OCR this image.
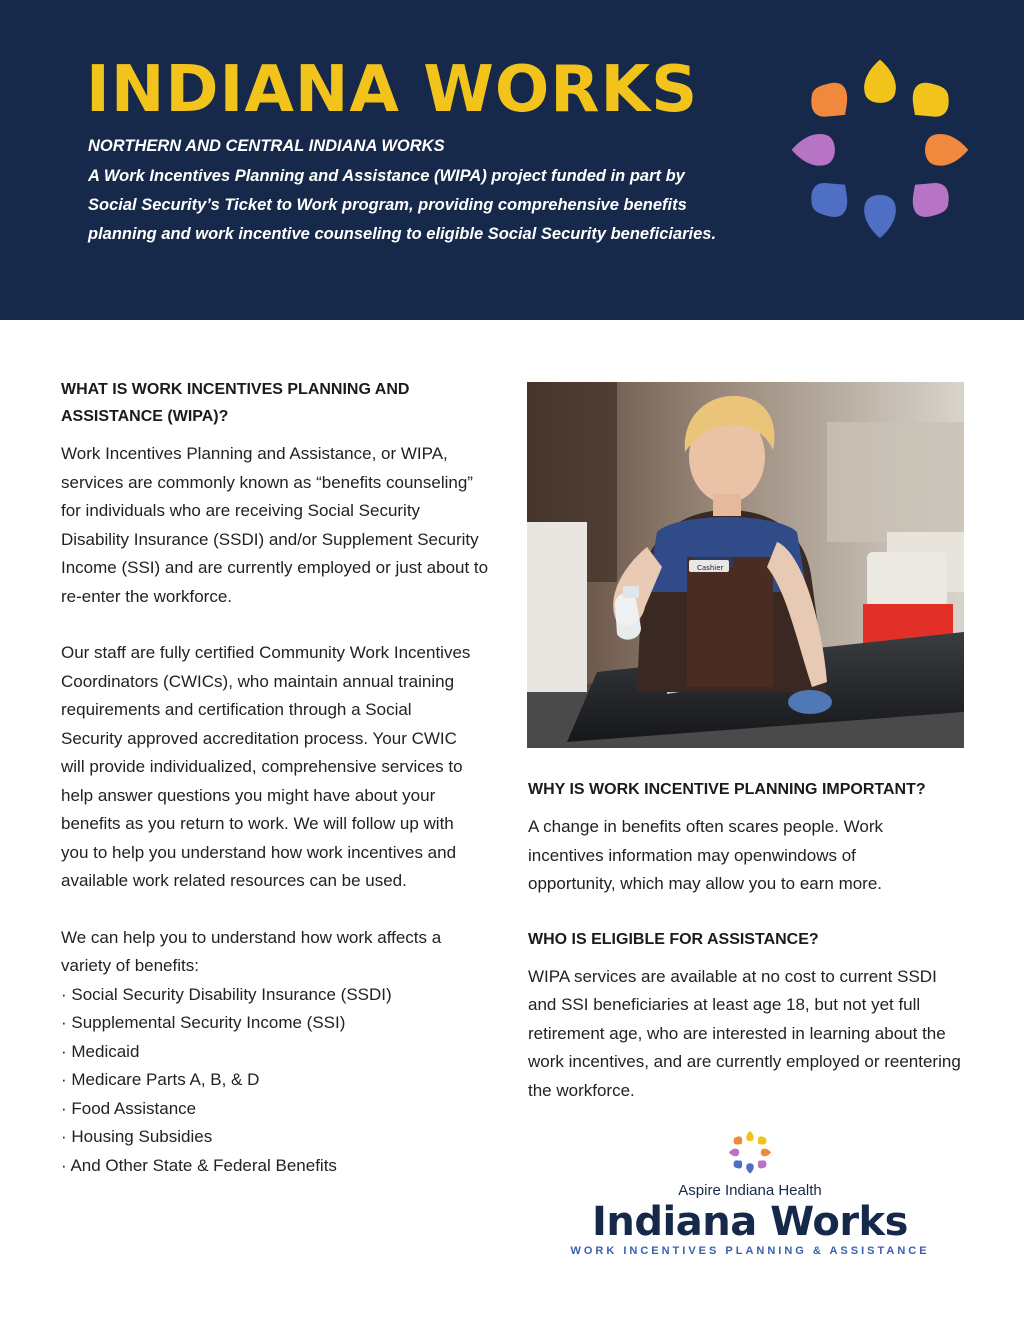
INDIANA WORKS
NORTHERN AND CENTRAL INDIANA WORKS
A Work Incentives Planning and Assistance (WIPA) project funded in part by Social Security’s Ticket to Work program, providing comprehensive benefits planning and work incentive counseling to eligible Social Security beneficiaries.
WHAT IS WORK INCENTIVES PLANNING AND ASSISTANCE (WIPA)?
Work Incentives Planning and Assistance, or WIPA, services are commonly known as “benefits counseling” for individuals who are receiving Social Security Disability Insurance (SSDI) and/or Supplement Security Income (SSI) and are currently employed or just about to re-enter the workforce.
Our staff are fully certified Community Work Incentives Coordinators (CWICs), who maintain annual training requirements and certification through a Social Security approved accreditation process. Your CWIC will provide individualized, comprehensive services to help answer questions you might have about your benefits as you return to work. We will follow up with you to help you understand how work incentives and available work related resources can be used.
We can help you to understand how work affects a variety of benefits:
· Social Security Disability Insurance (SSDI)
· Supplemental Security Income (SSI)
· Medicaid
· Medicare Parts A, B, & D
· Food Assistance
· Housing Subsidies
· And Other State & Federal Benefits
Cashier
WHY IS WORK INCENTIVE PLANNING IMPORTANT?
A change in benefits often scares people. Work incentives information may openwindows of opportunity, which may allow you to earn more.
WHO IS ELIGIBLE FOR ASSISTANCE?
WIPA services are available at no cost to current SSDI and SSI beneficiaries at least age 18, but not yet full retirement age, who are interested in learning about the work incentives, and are currently employed or reentering the workforce.
Aspire Indiana Health
Indiana Works
WORK INCENTIVES PLANNING & ASSISTANCE
